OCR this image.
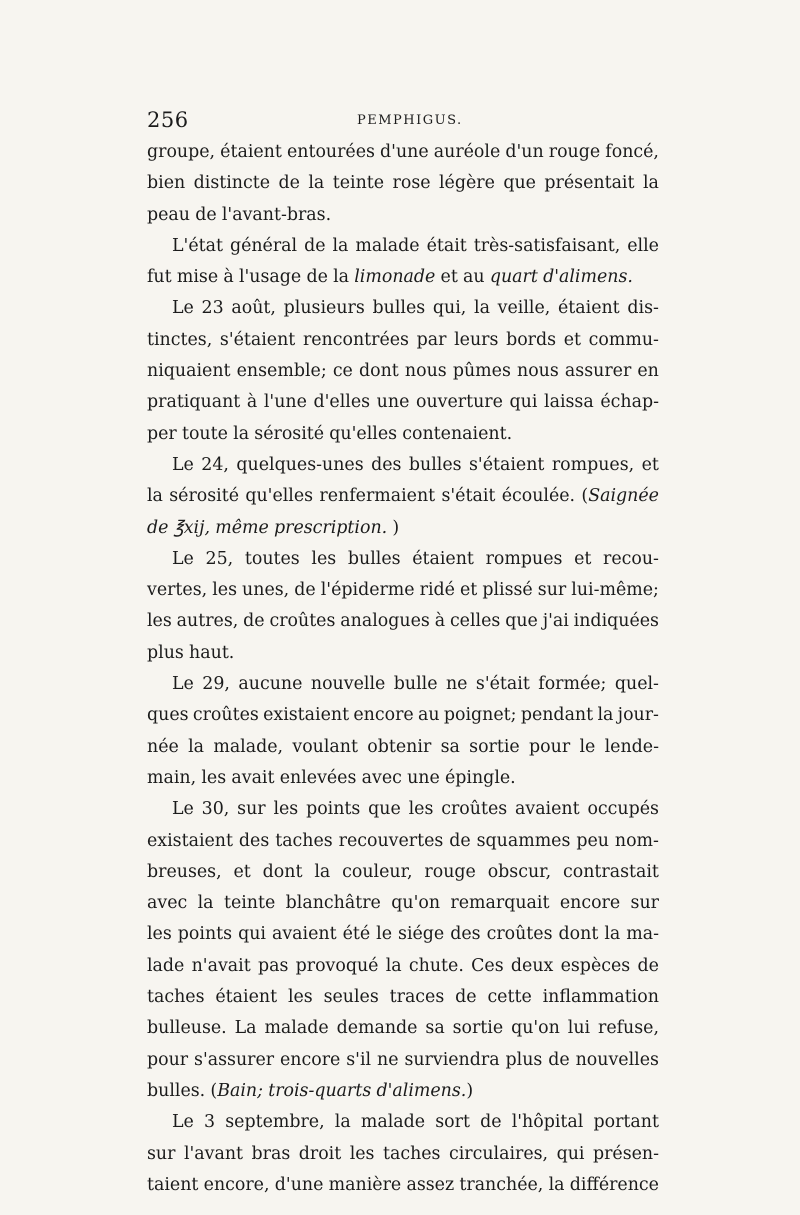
256	PEMPHIGUS.
groupe, étaient entourées d'une auréole d'un rouge foncé,
bien distincte de la teinte rose légère que présentait la
peau de l'avant-bras.
L'état général de la malade était très-satisfaisant, elle
fut mise à l'usage de la limonade et au quart d'alimens.
Le 23 août, plusieurs bulles qui, la veille, étaient dis-
tinctes, s'étaient rencontrées par leurs bords et commu-
niquaient ensemble; ce dont nous pûmes nous assurer en
pratiquant à l'une d'elles une ouverture qui laissa échap-
per toute la sérosité qu'elles contenaient.
Le 24, quelques-unes des bulles s'étaient rompues, et
la sérosité qu'elles renfermaient s'était écoulée. (Saignée
de ℥xij, même prescription. )
Le 25, toutes les bulles étaient rompues et recou-
vertes, les unes, de l'épiderme ridé et plissé sur lui-même;
les autres, de croûtes analogues à celles que j'ai indiquées
plus haut.
Le 29, aucune nouvelle bulle ne s'était formée; quel-
ques croûtes existaient encore au poignet; pendant la jour-
née la malade, voulant obtenir sa sortie pour le lende-
main, les avait enlevées avec une épingle.
Le 30, sur les points que les croûtes avaient occupés
existaient des taches recouvertes de squammes peu nom-
breuses, et dont la couleur, rouge obscur, contrastait
avec la teinte blanchâtre qu'on remarquait encore sur
les points qui avaient été le siége des croûtes dont la ma-
lade n'avait pas provoqué la chute. Ces deux espèces de
taches étaient les seules traces de cette inflammation
bulleuse. La malade demande sa sortie qu'on lui refuse,
pour s'assurer encore s'il ne surviendra plus de nouvelles
bulles. (Bain; trois-quarts d'alimens.)
Le 3 septembre, la malade sort de l'hôpital portant
sur l'avant bras droit les taches circulaires, qui présen-
taient encore, d'une manière assez tranchée, la différence
